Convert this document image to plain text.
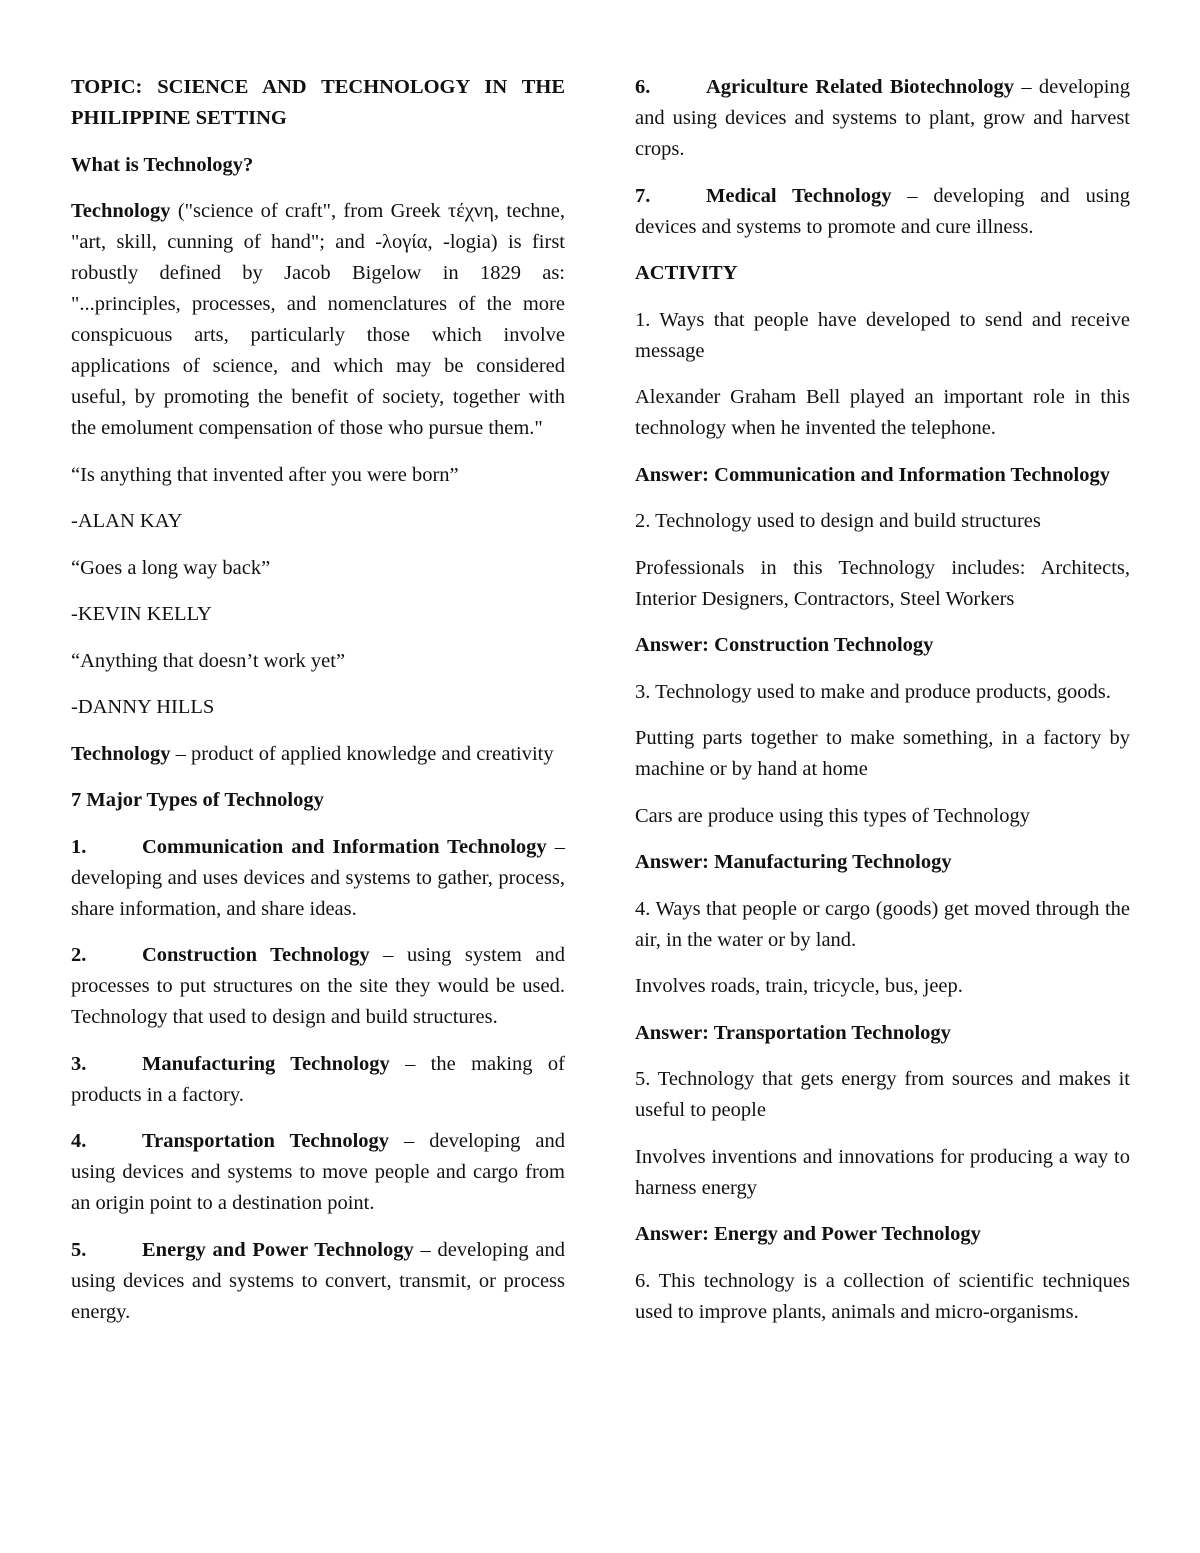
TOPIC: SCIENCE AND TECHNOLOGY IN THE PHILIPPINE SETTING

What is Technology?

Technology ("science of craft", from Greek τέχνη, techne, "art, skill, cunning of hand"; and -λογία, -logia) is first robustly defined by Jacob Bigelow in 1829 as: "...principles, processes, and nomenclatures of the more conspicuous arts, particularly those which involve applications of science, and which may be considered useful, by promoting the benefit of society, together with the emolument compensation of those who pursue them."

“Is anything that invented after you were born”

-ALAN KAY

“Goes a long way back”

-KEVIN KELLY

“Anything that doesn’t work yet”

-DANNY HILLS

Technology – product of applied knowledge and creativity

7 Major Types of Technology

1.	Communication and Information Technology – developing and uses devices and systems to gather, process, share information, and share ideas.

2.	Construction Technology – using system and processes to put structures on the site they would be used. Technology that used to design and build structures.

3.	Manufacturing Technology – the making of products in a factory.

4.	Transportation Technology – developing and using devices and systems to move people and cargo from an origin point to a destination point.

5.	Energy and Power Technology – developing and using devices and systems to convert, transmit, or process energy.

6.	Agriculture Related Biotechnology – developing and using devices and systems to plant, grow and harvest crops.

7.	Medical Technology – developing and using devices and systems to promote and cure illness.

ACTIVITY

1. Ways that people have developed to send and receive message

Alexander Graham Bell played an important role in this technology when he invented the telephone.

Answer: Communication and Information Technology

2. Technology used to design and build structures

Professionals in this Technology includes: Architects, Interior Designers, Contractors, Steel Workers

Answer: Construction Technology

3. Technology used to make and produce products, goods.

Putting parts together to make something, in a factory by machine or by hand at home

Cars are produce using this types of Technology

Answer: Manufacturing Technology

4. Ways that people or cargo (goods) get moved through the air, in the water or by land.

Involves roads, train, tricycle, bus, jeep.

Answer: Transportation Technology

5. Technology that gets energy from sources and makes it useful to people

Involves inventions and innovations for producing a way to harness energy

Answer: Energy and Power Technology

6. This technology is a collection of scientific techniques used to improve plants, animals and micro-organisms.
